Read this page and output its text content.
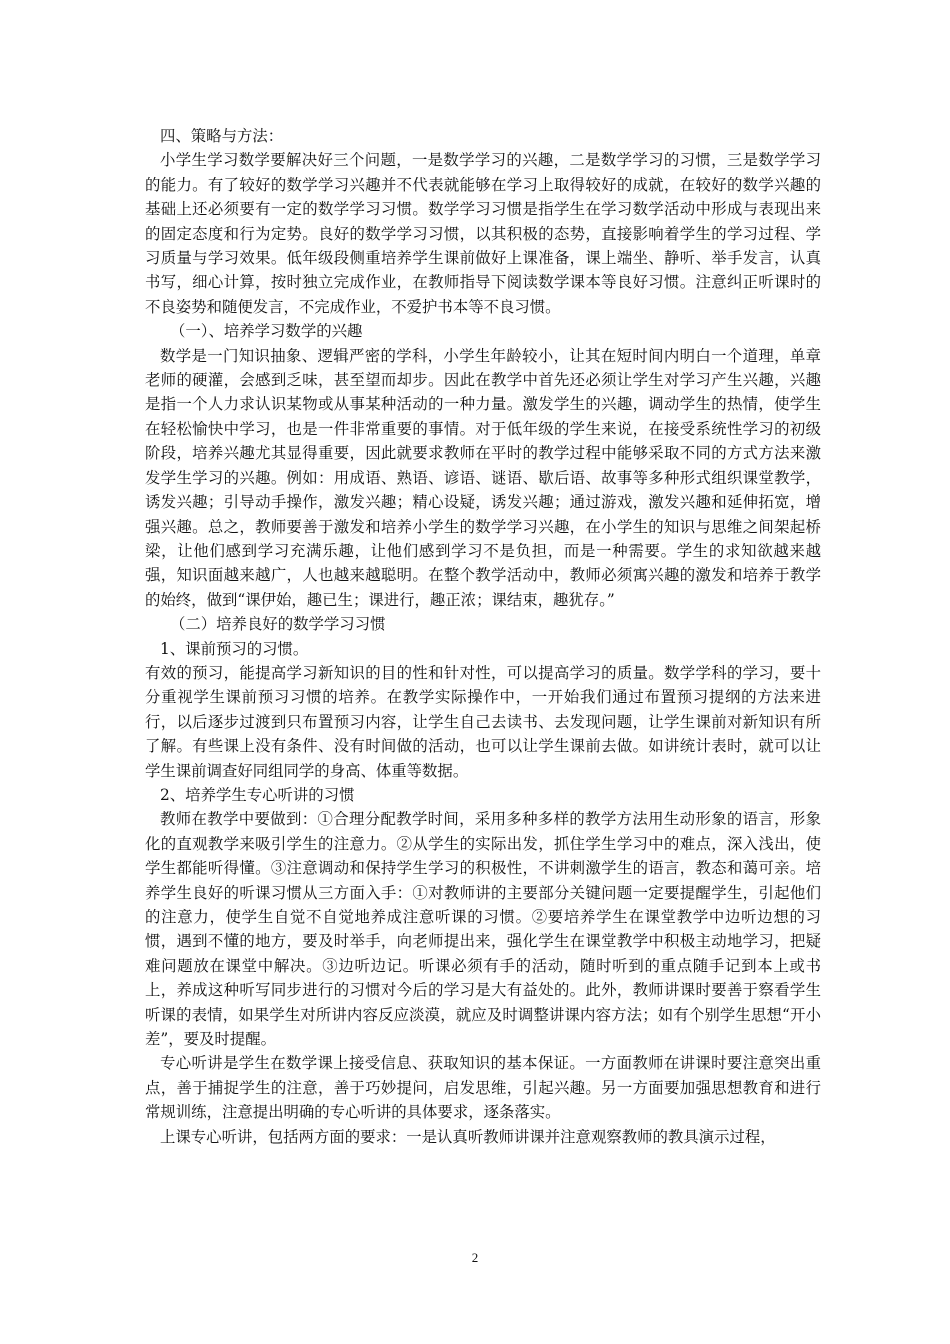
四、策略与方法：

小学生学习数学要解决好三个问题，一是数学学习的兴趣，二是数学学习的习惯，三是数学学习的能力。有了较好的数学学习兴趣并不代表就能够在学习上取得较好的成就，在较好的数学兴趣的基础上还必须要有一定的数学学习习惯。数学学习习惯是指学生在学习数学活动中形成与表现出来的固定态度和行为定势。良好的数学学习习惯，以其积极的态势，直接影响着学生的学习过程、学习质量与学习效果。低年级段侧重培养学生课前做好上课准备，课上端坐、静听、举手发言，认真书写，细心计算，按时独立完成作业，在教师指导下阅读数学课本等良好习惯。注意纠正听课时的不良姿势和随便发言，不完成作业，不爱护书本等不良习惯。

（一）、培养学习数学的兴趣

数学是一门知识抽象、逻辑严密的学科，小学生年龄较小，让其在短时间内明白一个道理，单章老师的硬灌，会感到乏味，甚至望而却步。因此在教学中首先还必须让学生对学习产生兴趣，兴趣是指一个人力求认识某物或从事某种活动的一种力量。激发学生的兴趣，调动学生的热情，使学生在轻松愉快中学习，也是一件非常重要的事情。对于低年级的学生来说，在接受系统性学习的初级阶段，培养兴趣尤其显得重要，因此就要求教师在平时的教学过程中能够采取不同的方式方法来激发学生学习的兴趣。例如：用成语、熟语、谚语、谜语、歇后语、故事等多种形式组织课堂教学，诱发兴趣；引导动手操作，激发兴趣；精心设疑，诱发兴趣；通过游戏，激发兴趣和延伸拓宽，增强兴趣。总之，教师要善于激发和培养小学生的数学学习兴趣，在小学生的知识与思维之间架起桥梁，让他们感到学习充满乐趣，让他们感到学习不是负担，而是一种需要。学生的求知欲越来越强，知识面越来越广，人也越来越聪明。在整个教学活动中，教师必须寓兴趣的激发和培养于教学的始终，做到“课伊始，趣已生；课进行，趣正浓；课结束，趣犹存。”

（二）培养良好的数学学习习惯

1、课前预习的习惯。

有效的预习，能提高学习新知识的目的性和针对性，可以提高学习的质量。数学学科的学习，要十分重视学生课前预习习惯的培养。在教学实际操作中，一开始我们通过布置预习提纲的方法来进行，以后逐步过渡到只布置预习内容，让学生自己去读书、去发现问题，让学生课前对新知识有所了解。有些课上没有条件、没有时间做的活动，也可以让学生课前去做。如讲统计表时，就可以让学生课前调查好同组同学的身高、体重等数据。

2、培养学生专心听讲的习惯

教师在教学中要做到：①合理分配教学时间，采用多种多样的教学方法用生动形象的语言，形象化的直观教学来吸引学生的注意力。②从学生的实际出发，抓住学生学习中的难点，深入浅出，使学生都能听得懂。③注意调动和保持学生学习的积极性，不讲刺激学生的语言，教态和蔼可亲。培养学生良好的听课习惯从三方面入手：①对教师讲的主要部分关键问题一定要提醒学生，引起他们的注意力，使学生自觉不自觉地养成注意听课的习惯。②要培养学生在课堂教学中边听边想的习惯，遇到不懂的地方，要及时举手，向老师提出来，强化学生在课堂教学中积极主动地学习，把疑难问题放在课堂中解决。③边听边记。听课必须有手的活动，随时听到的重点随手记到本上或书上，养成这种听写同步进行的习惯对今后的学习是大有益处的。此外，教师讲课时要善于察看学生听课的表情，如果学生对所讲内容反应淡漠，就应及时调整讲课内容方法；如有个别学生思想“开小差”，要及时提醒。

专心听讲是学生在数学课上接受信息、获取知识的基本保证。一方面教师在讲课时要注意突出重点，善于捕捉学生的注意，善于巧妙提问，启发思维，引起兴趣。另一方面要加强思想教育和进行常规训练，注意提出明确的专心听讲的具体要求，逐条落实。

上课专心听讲，包括两方面的要求：一是认真听教师讲课并注意观察教师的教具演示过程，

2
